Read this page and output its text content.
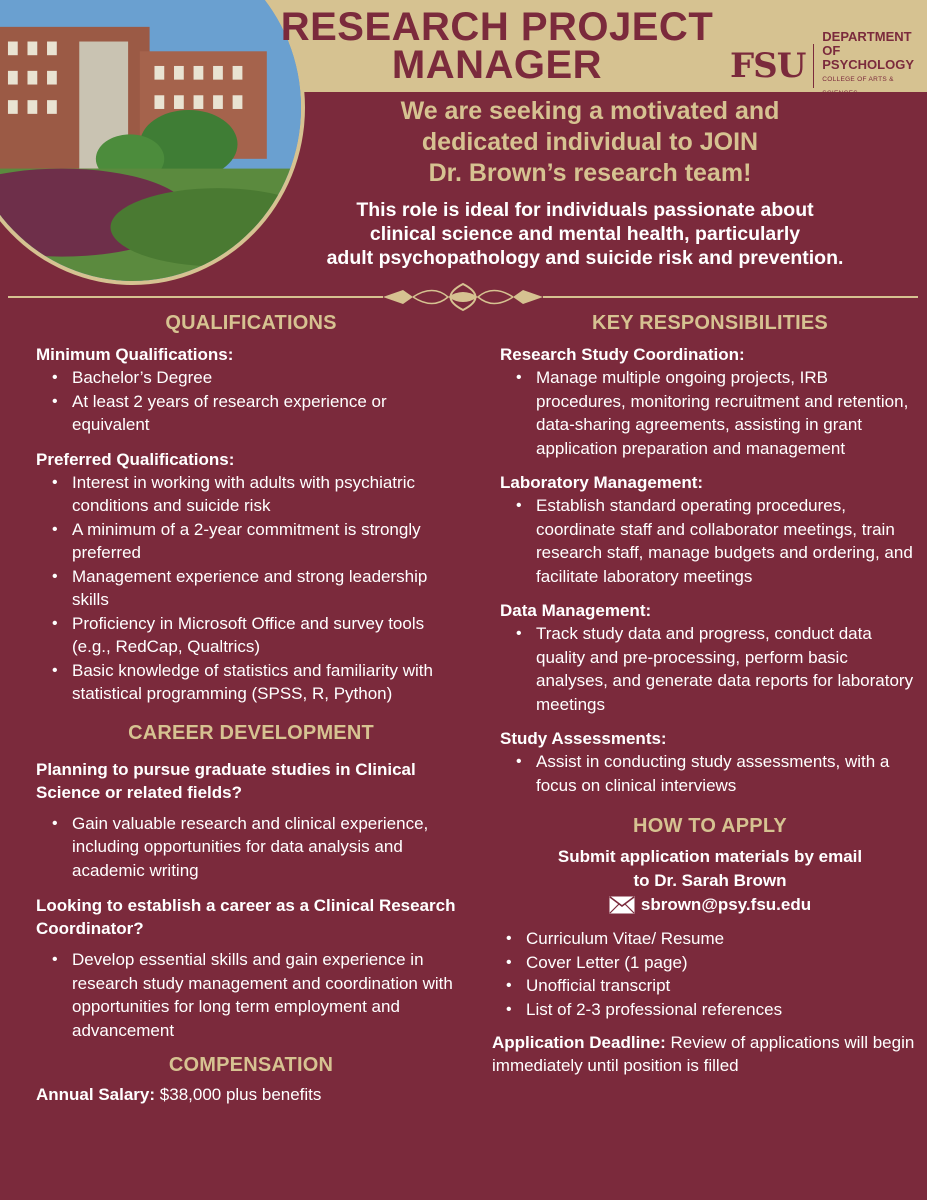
RESEARCH PROJECT
MANAGER	FSU
DEPARTMENT
OF PSYCHOLOGY
COLLEGE OF ARTS & SCIENCES
We are seeking a motivated and
dedicated individual to JOIN
Dr. Brown’s research team!
This role is ideal for individuals passionate about
clinical science and mental health, particularly
adult psychopathology and suicide risk and prevention.
QUALIFICATIONS
Minimum Qualifications:
• Bachelor’s Degree
• At least 2 years of research experience or equivalent
Preferred Qualifications:
• Interest in working with adults with psychiatric conditions and suicide risk
• A minimum of a 2-year commitment is strongly preferred
• Management experience and strong leadership skills
• Proficiency in Microsoft Office and survey tools (e.g., RedCap, Qualtrics)
• Basic knowledge of statistics and familiarity with statistical programming (SPSS, R, Python)
CAREER DEVELOPMENT
Planning to pursue graduate studies in Clinical Science or related fields?
• Gain valuable research and clinical experience, including opportunities for data analysis and academic writing
Looking to establish a career as a Clinical Research Coordinator?
• Develop essential skills and gain experience in research study management and coordination with opportunities for long term employment and advancement
COMPENSATION
Annual Salary: $38,000 plus benefits
KEY RESPONSIBILITIES
Research Study Coordination:
• Manage multiple ongoing projects, IRB procedures, monitoring recruitment and retention, data-sharing agreements, assisting in grant application preparation and management
Laboratory Management:
• Establish standard operating procedures, coordinate staff and collaborator meetings, train research staff, manage budgets and ordering, and facilitate laboratory meetings
Data Management:
• Track study data and progress, conduct data quality and pre-processing, perform basic analyses, and generate data reports for laboratory meetings
Study Assessments:
• Assist in conducting study assessments, with a focus on clinical interviews
HOW TO APPLY
Submit application materials by email
to Dr. Sarah Brown
sbrown@psy.fsu.edu
• Curriculum Vitae/ Resume
• Cover Letter (1 page)
• Unofficial transcript
• List of 2-3 professional references
Application Deadline: Review of applications will begin immediately until position is filled
